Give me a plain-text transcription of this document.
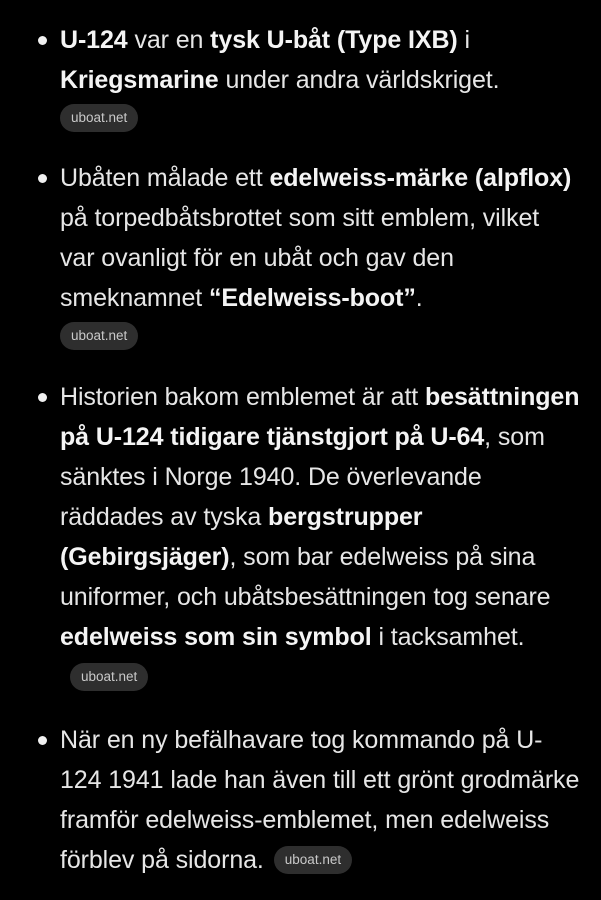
U-124 var en tysk U-båt (Type IXB) i Kriegsmarine under andra världskriget.
uboat.net
Ubåten målade ett edelweiss-märke (alpflox) på torpedbåtsbrottet som sitt emblem, vilket var ovanligt för en ubåt och gav den smeknamnet “Edelweiss-boot”.
uboat.net
Historien bakom emblemet är att besättningen på U-124 tidigare tjänstgjort på U-64, som sänktes i Norge 1940. De överlevande räddades av tyska bergstrupper (Gebirgsjäger), som bar edelweiss på sina uniformer, och ubåtsbesättningen tog senare edelweiss som sin symbol i tacksamhet.uboat.net
När en ny befälhavare tog kommando på U-124 1941 lade han även till ett grönt grodmärke framför edelweiss-emblemet, men edelweiss förblev på sidorna. uboat.net
